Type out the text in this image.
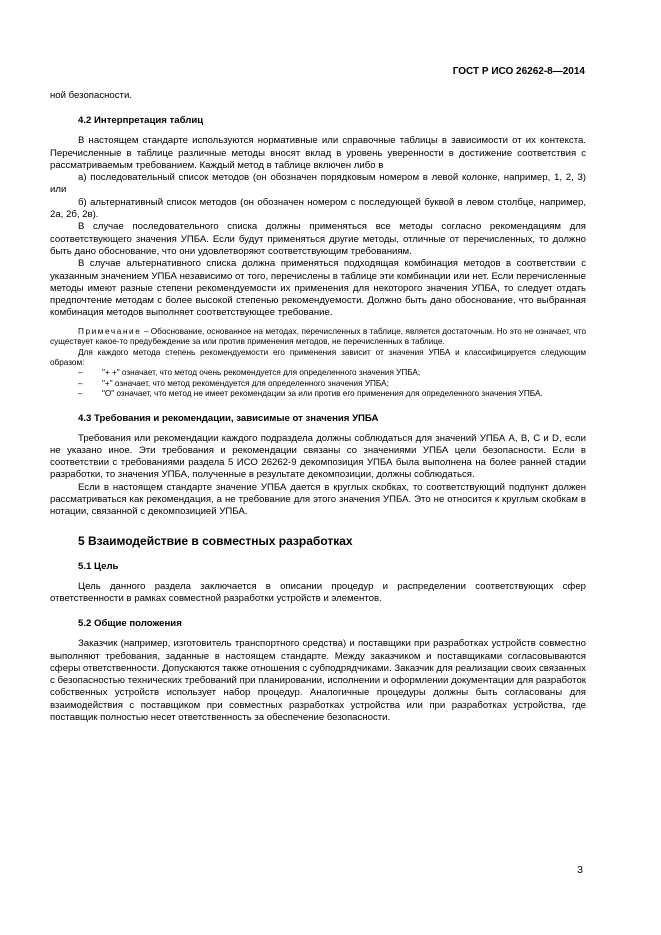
ГОСТ Р ИСО 26262-8—2014

ной безопасности.

4.2 Интерпретация таблиц

В настоящем стандарте используются нормативные или справочные таблицы в зависимости от их контекста. Перечисленные в таблице различные методы вносят вклад в уровень уверенности в достижение соответствия с рассматриваемым требованием. Каждый метод в таблице включен либо в

а) последовательный список методов (он обозначен порядковым номером в левой колонке, например, 1, 2, 3) или

б) альтернативный список методов (он обозначен номером с последующей буквой в левом столбце, например, 2а, 2б, 2в).

В случае последовательного списка должны применяться все методы согласно рекомендациям для соответствующего значения УПБА. Если будут применяться другие методы, отличные от перечисленных, то должно быть дано обоснование, что они удовлетворяют соответствующим требованиям.

В случае альтернативного списка должна применяться подходящая комбинация методов в соответствии с указанным значением УПБА независимо от того, перечислены в таблице эти комбинации или нет. Если перечисленные методы имеют разные степени рекомендуемости их применения для некоторого значения УПБА, то следует отдать предпочтение методам с более высокой степенью рекомендуемости. Должно быть дано обоснование, что выбранная комбинация методов выполняет соответствующее требование.

Примечание – Обоснование, основанное на методах, перечисленных в таблице, является достаточным. Но это не означает, что существует какое-то предубеждение за или против применения методов, не перечисленных в таблице.

Для каждого метода степень рекомендуемости его применения зависит от значения УПБА и классифицируется следующим образом:

–	"+ +" означает, что метод очень рекомендуется для определенного значения УПБА;
–	"+" означает, что метод рекомендуется для определенного значения УПБА;
– "О" означает, что метод не имеет рекомендации за или против его применения для определенного значения УПБА.
4.3 Требования и рекомендации, зависимые от значения УПБА

Требования или рекомендации каждого подраздела должны соблюдаться для значений УПБА A, B, C и D, если не указано иное. Эти требования и рекомендации связаны со значениями УПБА цели безопасности. Если в соответствии с требованиями раздела 5 ИСО 26262-9 декомпозиция УПБА была выполнена на более ранней стадии разработки, то значения УПБА, полученные в результате декомпозиции, должны соблюдаться.

Если в настоящем стандарте значение УПБА дается в круглых скобках, то соответствующий подпункт должен рассматриваться как рекомендация, а не требование для этого значения УПБА. Это не относится к круглым скобкам в нотации, связанной с декомпозицией УПБА.

5 Взаимодействие в совместных разработках
5.1 Цель

Цель данного раздела заключается в описании процедур и распределении соответствующих сфер ответственности в рамках совместной разработки устройств и элементов.

5.2 Общие положения

Заказчик (например, изготовитель транспортного средства) и поставщики при разработках устройств совместно выполняют требования, заданные в настоящем стандарте. Между заказчиком и поставщиками согласовываются сферы ответственности. Допускаются также отношения с субподрядчиками. Заказчик для реализации своих связанных с безопасностью технических требований при планировании, исполнении и оформлении документации для разработок собственных устройств использует набор процедур. Аналогичные процедуры должны быть согласованы для взаимодействия с поставщиком при совместных разработках устройства или при разработках устройства, где поставщик полностью несет ответственность за обеспечение безопасности.

3
